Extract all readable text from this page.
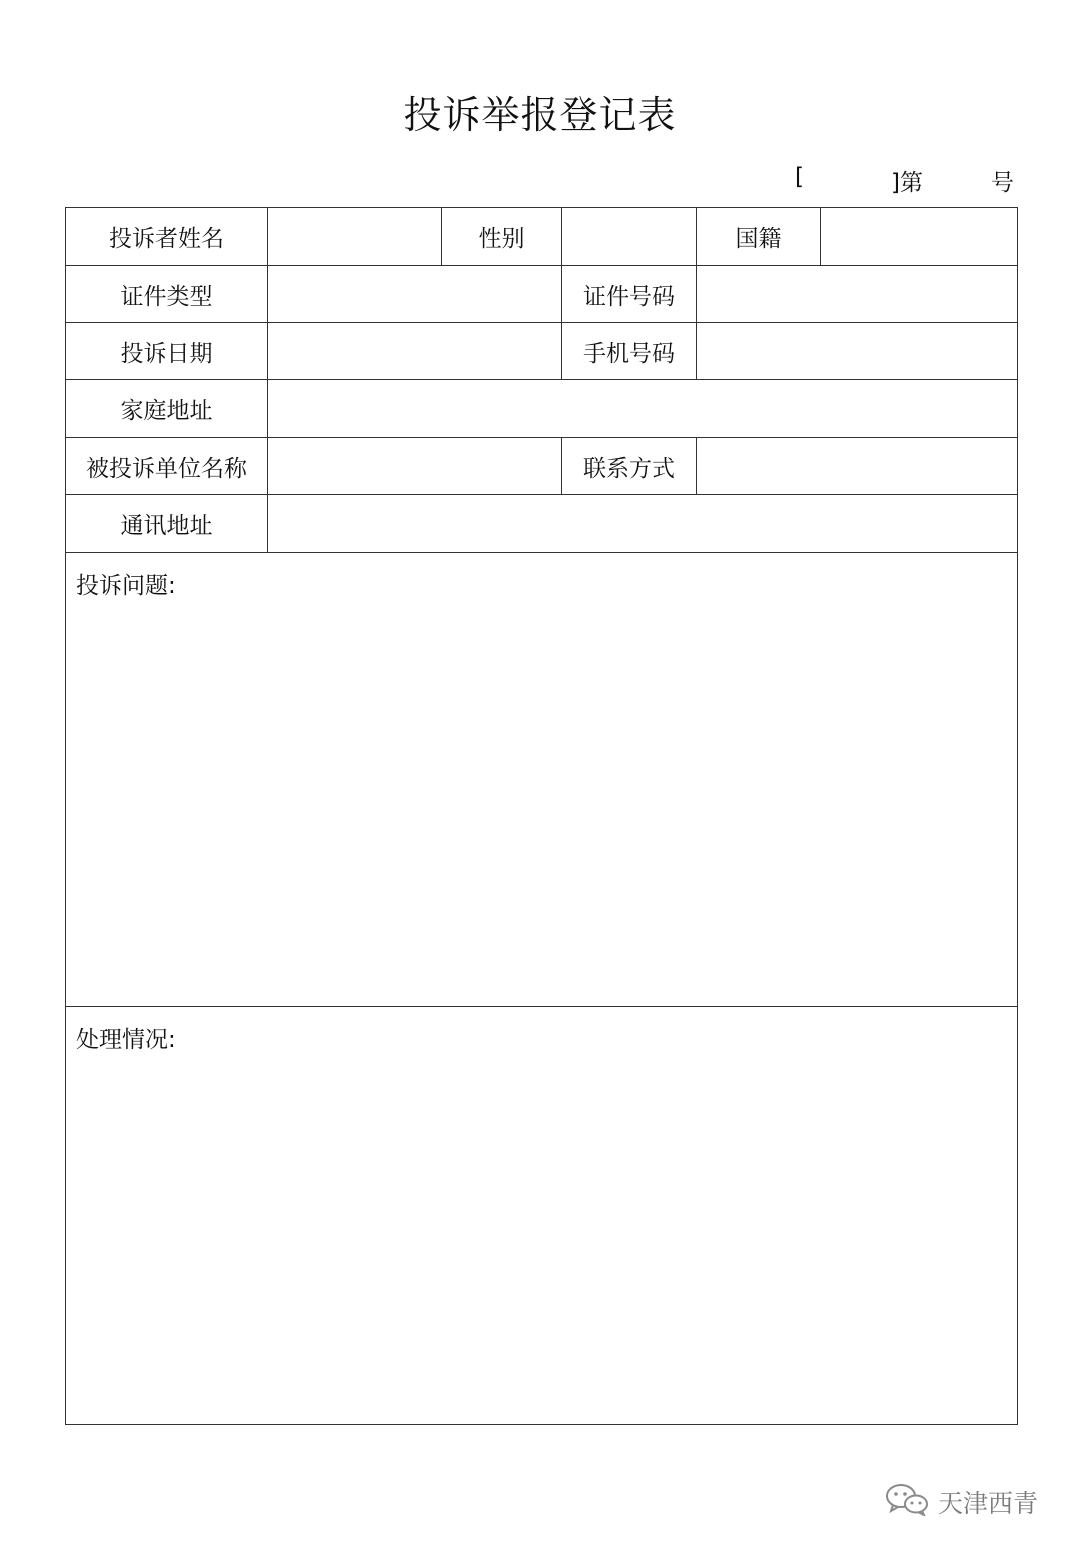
投诉举报登记表
[	]第	号
投诉者姓名	性别	国籍
证件类型	证件号码
投诉日期	手机号码
家庭地址
被投诉单位名称	联系方式
通讯地址
投诉问题:
处理情况:
天津西青
